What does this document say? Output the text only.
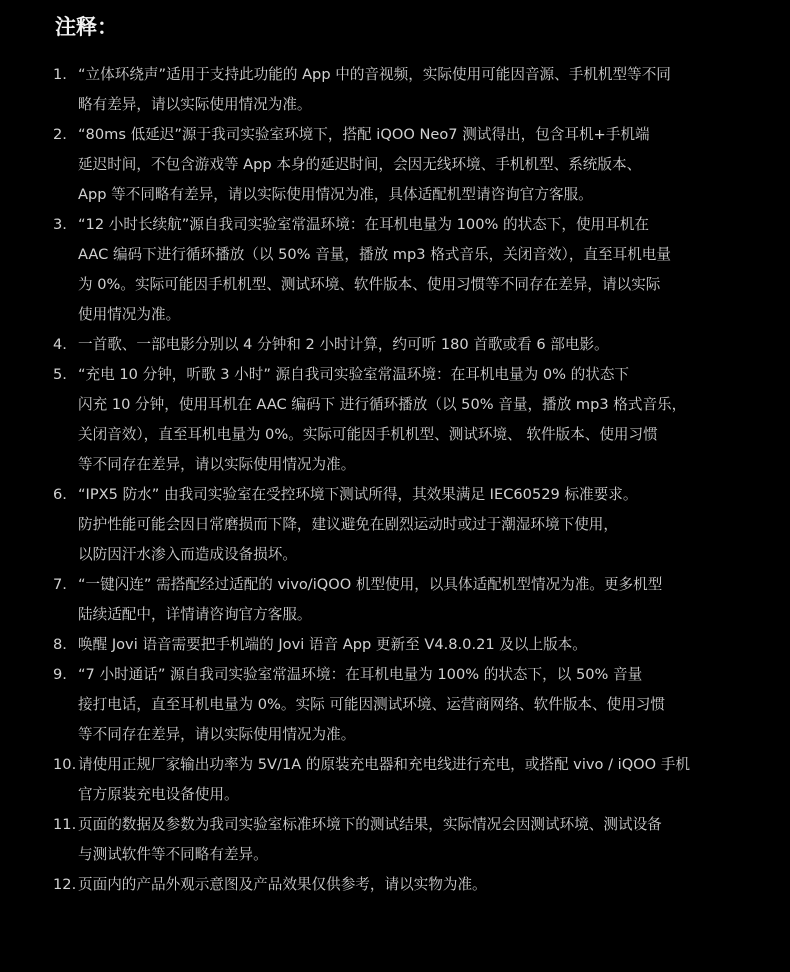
注释：
1. “立体环绕声”适用于支持此功能的 App 中的音视频，实际使用可能因音源、手机机型等不同
略有差异，请以实际使用情况为准。
2. “80ms 低延迟”源于我司实验室环境下，搭配 iQOO Neo7 测试得出，包含耳机+手机端
延迟时间，不包含游戏等 App 本身的延迟时间，会因无线环境、手机机型、系统版本、
App 等不同略有差异，请以实际使用情况为准，具体适配机型请咨询官方客服。
3. “12 小时长续航”源自我司实验室常温环境：在耳机电量为 100% 的状态下，使用耳机在
AAC 编码下进行循环播放（以 50% 音量，播放 mp3 格式音乐，关闭音效），直至耳机电量
为 0%。实际可能因手机机型、测试环境、软件版本、使用习惯等不同存在差异，请以实际
使用情况为准。
4. 一首歌、一部电影分别以 4 分钟和 2 小时计算，约可听 180 首歌或看 6 部电影。
5. “充电 10 分钟，听歌 3 小时” 源自我司实验室常温环境：在耳机电量为 0% 的状态下
闪充 10 分钟，使用耳机在 AAC 编码下 进行循环播放（以 50% 音量，播放 mp3 格式音乐，
关闭音效），直至耳机电量为 0%。实际可能因手机机型、测试环境、 软件版本、使用习惯
等不同存在差异，请以实际使用情况为准。
6. “IPX5 防水” 由我司实验室在受控环境下测试所得，其效果满足 IEC60529 标准要求。
防护性能可能会因日常磨损而下降，建议避免在剧烈运动时或过于潮湿环境下使用，
以防因汗水渗入而造成设备损坏。
7. “一键闪连” 需搭配经过适配的 vivo/iQOO 机型使用，以具体适配机型情况为准。更多机型
陆续适配中，详情请咨询官方客服。
8. 唤醒 Jovi 语音需要把手机端的 Jovi 语音 App 更新至 V4.8.0.21 及以上版本。
9. “7 小时通话” 源自我司实验室常温环境：在耳机电量为 100% 的状态下，以 50% 音量
接打电话，直至耳机电量为 0%。实际 可能因测试环境、运营商网络、软件版本、使用习惯
等不同存在差异，请以实际使用情况为准。
10. 请使用正规厂家输出功率为 5V/1A 的原装充电器和充电线进行充电，或搭配 vivo / iQOO 手机
官方原装充电设备使用。
11. 页面的数据及参数为我司实验室标准环境下的测试结果，实际情况会因测试环境、测试设备
与测试软件等不同略有差异。
12. 页面内的产品外观示意图及产品效果仅供参考，请以实物为准。
